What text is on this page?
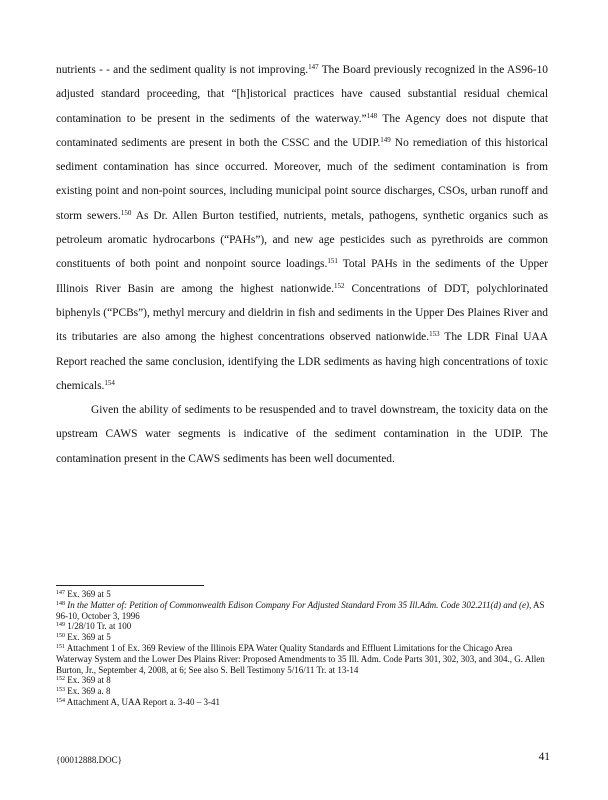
nutrients - - and the sediment quality is not improving.$^{147}$ The Board previously recognized in the AS96-10 adjusted standard proceeding, that “[h]istorical practices have caused substantial residual chemical contamination to be present in the sediments of the waterway.”$^{148}$ The Agency does not dispute that contaminated sediments are present in both the CSSC and the UDIP.$^{149}$ No remediation of this historical sediment contamination has since occurred. Moreover, much of the sediment contamination is from existing point and non-point sources, including municipal point source discharges, CSOs, urban runoff and storm sewers.$^{150}$ As Dr. Allen Burton testified, nutrients, metals, pathogens, synthetic organics such as petroleum aromatic hydrocarbons (“PAHs”), and new age pesticides such as pyrethroids are common constituents of both point and nonpoint source loadings.$^{151}$ Total PAHs in the sediments of the Upper Illinois River Basin are among the highest nationwide.$^{152}$ Concentrations of DDT, polychlorinated biphenyls (“PCBs”), methyl mercury and dieldrin in fish and sediments in the Upper Des Plaines River and its tributaries are also among the highest concentrations observed nationwide.$^{153}$ The LDR Final UAA Report reached the same conclusion, identifying the LDR sediments as having high concentrations of toxic chemicals.$^{154}$

Given the ability of sediments to be resuspended and to travel downstream, the toxicity data on the upstream CAWS water segments is indicative of the sediment contamination in the UDIP. The contamination present in the CAWS sediments has been well documented.

$^{147}$ Ex. 369 at 5

$^{148}$ In the Matter of: Petition of Commonwealth Edison Company For Adjusted Standard From 35 Ill.Adm. Code 302.211(d) and (e), AS 96-10, October 3, 1996

$^{149}$ 1/28/10 Tr. at 100

$^{150}$ Ex. 369 at 5

$^{151}$ Attachment 1 of Ex. 369 Review of the Illinois EPA Water Quality Standards and Effluent Limitations for the Chicago Area Waterway System and the Lower Des Plains River: Proposed Amendments to 35 Ill. Adm. Code Parts 301, 302, 303, and 304., G. Allen Burton, Jr., September 4, 2008, at 6; See also S. Bell Testimony 5/16/11 Tr. at 13-14

$^{152}$ Ex. 369 at 8

$^{153}$ Ex. 369 a. 8

$^{154}$ Attachment A, UAA Report a. 3-40 – 3-41

{00012888.DOC}	41
